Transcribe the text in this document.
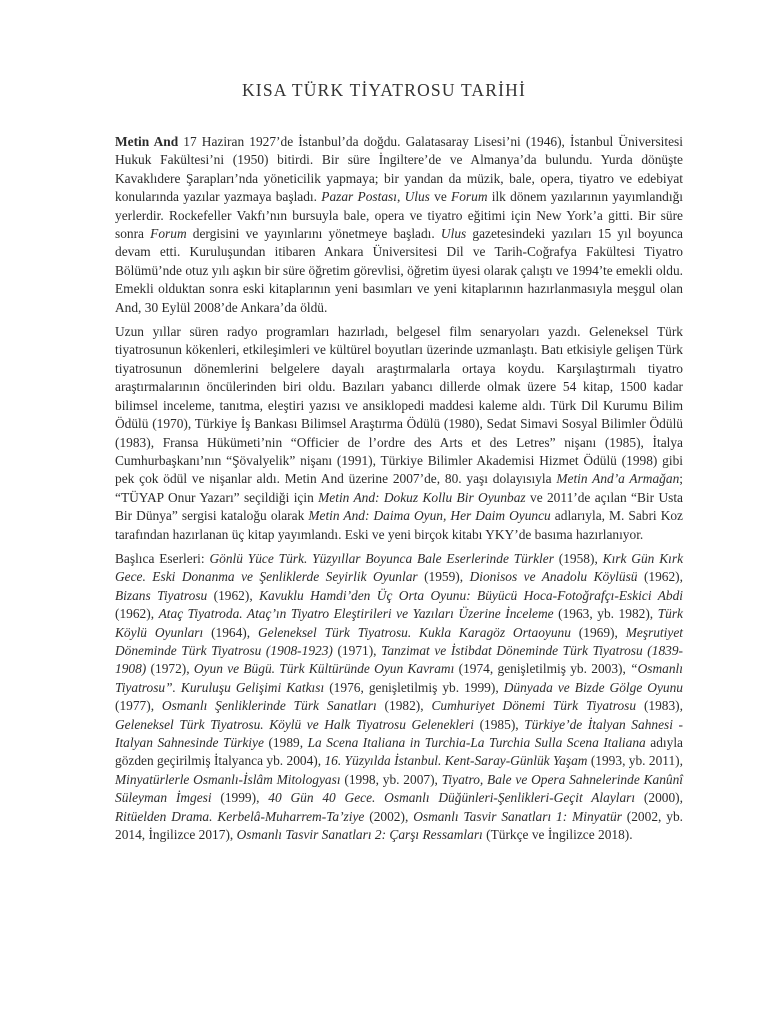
KISA TÜRK TİYATROSU TARİHİ

Metin And 17 Haziran 1927’de İstanbul’da doğdu. Galatasaray Lisesi’ni (1946), İstanbul Üniversitesi Hukuk Fakültesi’ni (1950) bitirdi. Bir süre İngiltere’de ve Almanya’da bulundu. Yurda dönüşte Kavaklıdere Şarapları’nda yöneticilik yapmaya; bir yandan da müzik, bale, opera, tiyatro ve edebiyat konularında yazılar yazmaya başladı. Pazar Postası, Ulus ve Forum ilk dönem yazılarının yayımlandığı yerlerdir. Rockefeller Vakfı’nın bursuyla bale, opera ve tiyatro eğitimi için New York’a gitti. Bir süre sonra Forum dergisini ve yayınlarını yönetmeye başladı. Ulus gazetesindeki yazıları 15 yıl boyunca devam etti. Kuruluşundan itibaren Ankara Üniversitesi Dil ve Tarih-Coğrafya Fakültesi Tiyatro Bölümü’nde otuz yılı aşkın bir süre öğretim görevlisi, öğretim üyesi olarak çalıştı ve 1994’te emekli oldu. Emekli olduktan sonra eski kitaplarının yeni basımları ve yeni kitaplarının hazırlanmasıyla meşgul olan And, 30 Eylül 2008’de Ankara’da öldü.

Uzun yıllar süren radyo programları hazırladı, belgesel film senaryoları yazdı. Geleneksel Türk tiyatrosunun kökenleri, etkileşimleri ve kültürel boyutları üzerinde uzmanlaştı. Batı etkisiyle gelişen Türk tiyatrosunun dönemlerini belgelere dayalı araştırmalarla ortaya koydu. Karşılaştırmalı tiyatro araştırmalarının öncülerinden biri oldu. Bazıları yabancı dillerde olmak üzere 54 kitap, 1500 kadar bilimsel inceleme, tanıtma, eleştiri yazısı ve ansiklopedi maddesi kaleme aldı. Türk Dil Kurumu Bilim Ödülü (1970), Türkiye İş Bankası Bilimsel Araştırma Ödülü (1980), Sedat Simavi Sosyal Bilimler Ödülü (1983), Fransa Hükümeti’nin “Officier de l’ordre des Arts et des Letres” nişanı (1985), İtalya Cumhurbaşkanı’nın “Şövalyelik” nişanı (1991), Türkiye Bilimler Akademisi Hizmet Ödülü (1998) gibi pek çok ödül ve nişanlar aldı. Metin And üzerine 2007’de, 80. yaşı dolayısıyla Metin And’a Armağan; “TÜYAP Onur Yazarı” seçildiği için Metin And: Dokuz Kollu Bir Oyunbaz ve 2011’de açılan “Bir Usta Bir Dünya” sergisi kataloğu olarak Metin And: Daima Oyun, Her Daim Oyuncu adlarıyla, M. Sabri Koz tarafından hazırlanan üç kitap yayımlandı. Eski ve yeni birçok kitabı YKY’de basıma hazırlanıyor.

Başlıca Eserleri: Gönlü Yüce Türk. Yüzyıllar Boyunca Bale Eserlerinde Türkler (1958), Kırk Gün Kırk Gece. Eski Donanma ve Şenliklerde Seyirlik Oyunlar (1959), Dionisos ve Anadolu Köylüsü (1962), Bizans Tiyatrosu (1962), Kavuklu Hamdi’den Üç Orta Oyunu: Büyücü Hoca-Fotoğrafçı-Eskici Abdi (1962), Ataç Tiyatroda. Ataç’ın Tiyatro Eleştirileri ve Yazıları Üzerine İnceleme (1963, yb. 1982), Türk Köylü Oyunları (1964), Geleneksel Türk Tiyatrosu. Kukla Karagöz Ortaoyunu (1969), Meşrutiyet Döneminde Türk Tiyatrosu (1908-1923) (1971), Tanzimat ve İstibdat Döneminde Türk Tiyatrosu (1839-1908) (1972), Oyun ve Bügü. Türk Kültüründe Oyun Kavramı (1974, genişletilmiş yb. 2003), “Osmanlı Tiyatrosu”. Kuruluşu Gelişimi Katkısı (1976, genişletilmiş yb. 1999), Dünyada ve Bizde Gölge Oyunu (1977), Osmanlı Şenliklerinde Türk Sanatları (1982), Cumhuriyet Dönemi Türk Tiyatrosu (1983), Geleneksel Türk Tiyatrosu. Köylü ve Halk Tiyatrosu Gelenekleri (1985), Türkiye’de İtalyan Sahnesi - Italyan Sahnesinde Türkiye (1989, La Scena Italiana in Turchia-La Turchia Sulla Scena Italiana adıyla gözden geçirilmiş İtalyanca yb. 2004), 16. Yüzyılda İstanbul. Kent-Saray-Günlük Yaşam (1993, yb. 2011), Minyatürlerle Osmanlı-İslâm Mitologyası (1998, yb. 2007), Tiyatro, Bale ve Opera Sahnelerinde Kanûnî Süleyman İmgesi (1999), 40 Gün 40 Gece. Osmanlı Düğünleri-Şenlikleri-Geçit Alayları (2000), Ritüelden Drama. Kerbelâ-Muharrem-Ta’ziye (2002), Osmanlı Tasvir Sanatları 1: Minyatür (2002, yb. 2014, İngilizce 2017), Osmanlı Tasvir Sanatları 2: Çarşı Ressamları (Türkçe ve İngilizce 2018).
